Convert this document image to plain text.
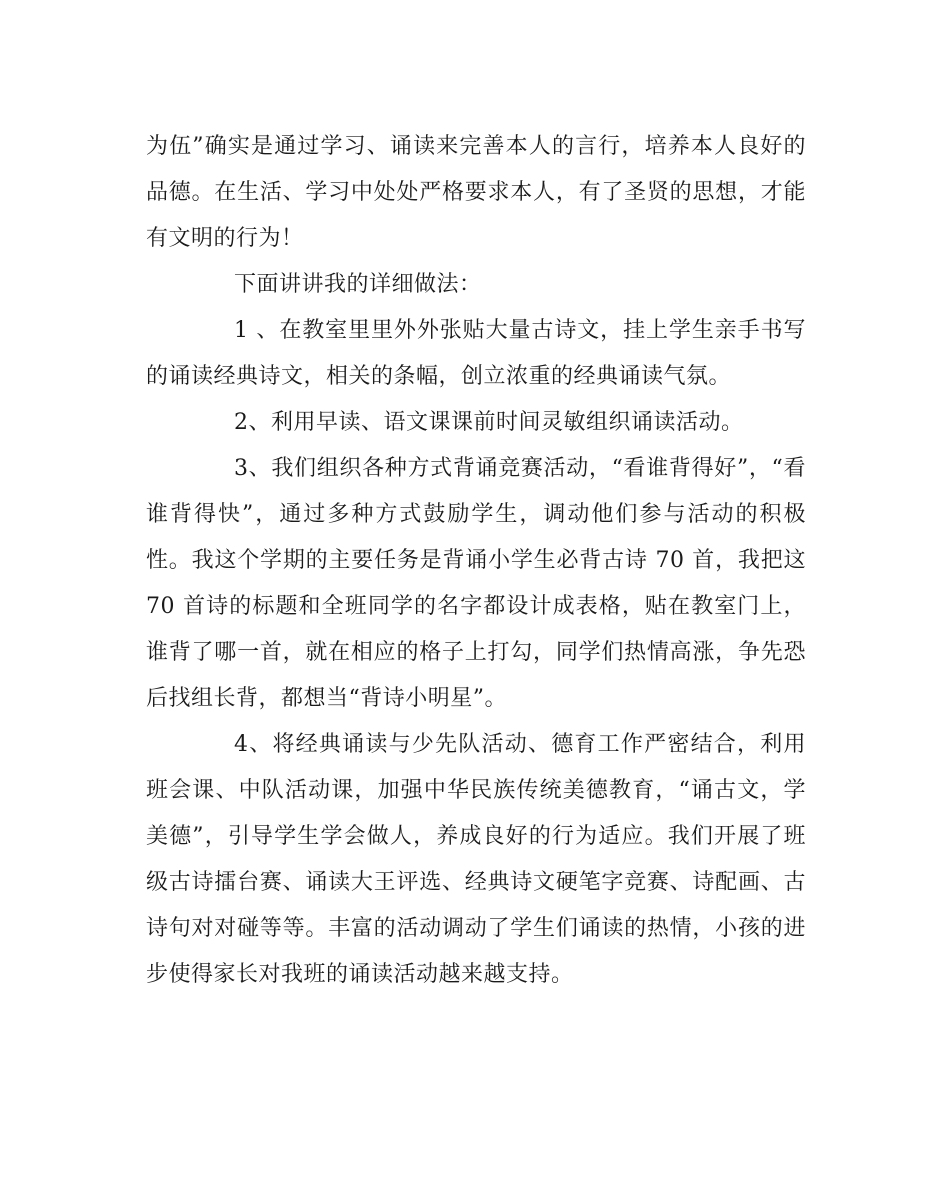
为伍”确实是通过学习、诵读来完善本人的言行，培养本人良好的品德。在生活、学习中处处严格要求本人，有了圣贤的思想，才能有文明的行为！

下面讲讲我的详细做法：

1 、在教室里里外外张贴大量古诗文，挂上学生亲手书写的诵读经典诗文，相关的条幅，创立浓重的经典诵读气氛。

2、利用早读、语文课课前时间灵敏组织诵读活动。

3、我们组织各种方式背诵竞赛活动，“看谁背得好”，“看谁背得快”，通过多种方式鼓励学生，调动他们参与活动的积极性。我这个学期的主要任务是背诵小学生必背古诗 70 首，我把这 70 首诗的标题和全班同学的名字都设计成表格，贴在教室门上，谁背了哪一首，就在相应的格子上打勾，同学们热情高涨，争先恐后找组长背，都想当“背诗小明星”。

4、将经典诵读与少先队活动、德育工作严密结合，利用班会课、中队活动课，加强中华民族传统美德教育，“诵古文，学美德”，引导学生学会做人，养成良好的行为适应。我们开展了班级古诗擂台赛、诵读大王评选、经典诗文硬笔字竞赛、诗配画、古诗句对对碰等等。丰富的活动调动了学生们诵读的热情，小孩的进步使得家长对我班的诵读活动越来越支持。
